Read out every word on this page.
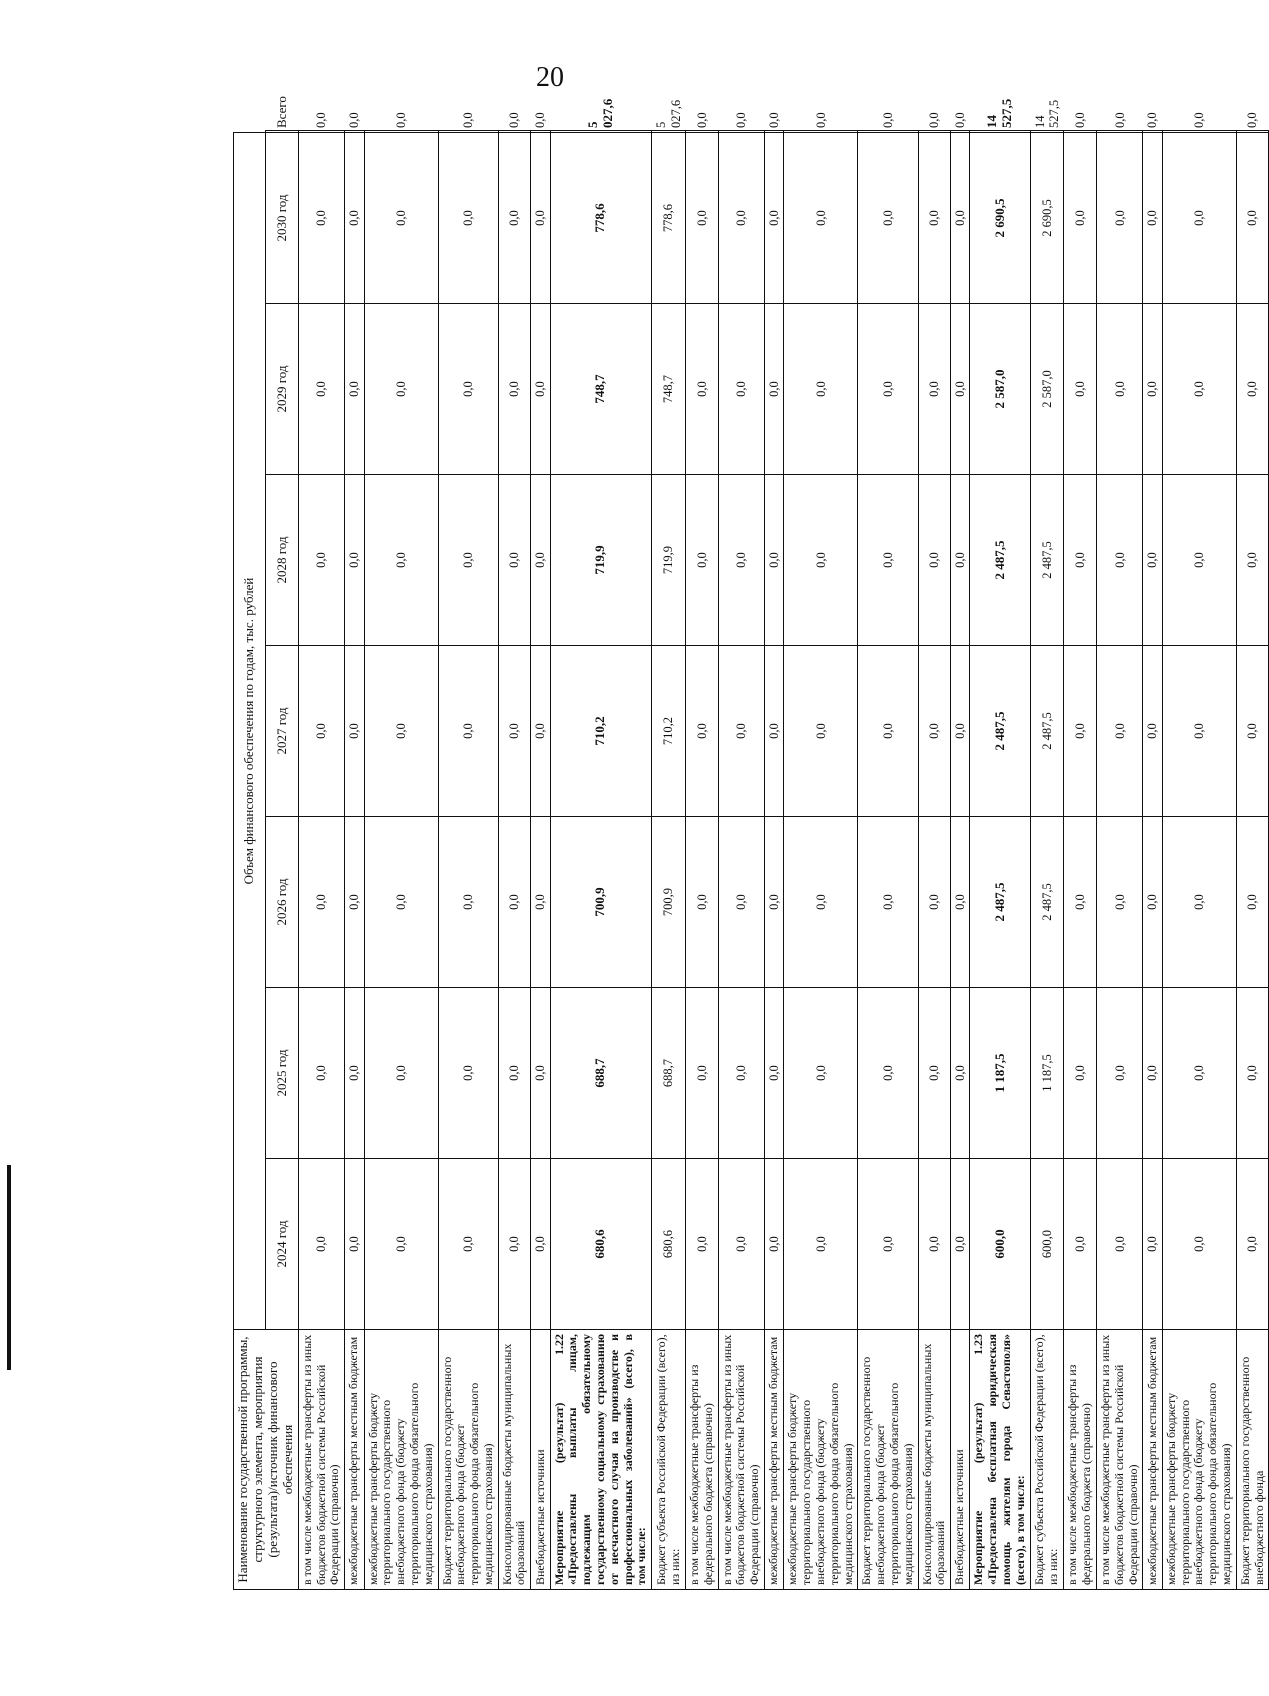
20
Наименование государственной программы, структурного элемента, мероприятия (результата)/источник финансового обеспечения	Объем финансового обеспечения по годам, тыс. рублей							
	2024 год	2025 год	2026 год	2027 год	2028 год	2029 год	2030 год	Всего
в том числе межбюджетные трансферты из иных бюджетов бюджетной системы Российской Федерации (справочно)	0,0	0,0	0,0	0,0	0,0	0,0	0,0	0,0
межбюджетные трансферты местным бюджетам	0,0	0,0	0,0	0,0	0,0	0,0	0,0	0,0
межбюджетные трансферты бюджету территориального государственного внебюджетного фонда (бюджету территориального фонда обязательного медицинского страхования)	0,0	0,0	0,0	0,0	0,0	0,0	0,0	0,0
Бюджет территориального государственного внебюджетного фонда (бюджет территориального фонда обязательного медицинского страхования)	0,0	0,0	0,0	0,0	0,0	0,0	0,0	0,0
Консолидированные бюджеты муниципальных образований	0,0	0,0	0,0	0,0	0,0	0,0	0,0	0,0
Внебюджетные источники	0,0	0,0	0,0	0,0	0,0	0,0	0,0	0,0
Мероприятие (результат) 1.22 «Предоставлены выплаты лицам, подлежащим обязательному государственному социальному страхованию от несчастного случая на производстве и профессиональных заболеваний» (всего), в том числе:	680,6	688,7	700,9	710,2	719,9	748,7	778,6	5 027,6
Бюджет субъекта Российской Федерации (всего), из них:	680,6	688,7	700,9	710,2	719,9	748,7	778,6	5 027,6
в том числе межбюджетные трансферты из федерального бюджета (справочно)	0,0	0,0	0,0	0,0	0,0	0,0	0,0	0,0
в том числе межбюджетные трансферты из иных бюджетов бюджетной системы Российской Федерации (справочно)	0,0	0,0	0,0	0,0	0,0	0,0	0,0	0,0
межбюджетные трансферты местным бюджетам	0,0	0,0	0,0	0,0	0,0	0,0	0,0	0,0
межбюджетные трансферты бюджету территориального государственного внебюджетного фонда (бюджету территориального фонда обязательного медицинского страхования)	0,0	0,0	0,0	0,0	0,0	0,0	0,0	0,0
Бюджет территориального государственного внебюджетного фонда (бюджет территориального фонда обязательного медицинского страхования)	0,0	0,0	0,0	0,0	0,0	0,0	0,0	0,0
Консолидированные бюджеты муниципальных образований	0,0	0,0	0,0	0,0	0,0	0,0	0,0	0,0
Внебюджетные источники	0,0	0,0	0,0	0,0	0,0	0,0	0,0	0,0
Мероприятие (результат) 1.23 «Предоставлена бесплатная юридическая помощь жителям города Севастополя» (всего), в том числе:	600,0	1 187,5	2 487,5	2 487,5	2 487,5	2 587,0	2 690,5	14 527,5
Бюджет субъекта Российской Федерации (всего), из них:	600,0	1 187,5	2 487,5	2 487,5	2 487,5	2 587,0	2 690,5	14 527,5
в том числе межбюджетные трансферты из федерального бюджета (справочно)	0,0	0,0	0,0	0,0	0,0	0,0	0,0	0,0
в том числе межбюджетные трансферты из иных бюджетов бюджетной системы Российской Федерации (справочно)	0,0	0,0	0,0	0,0	0,0	0,0	0,0	0,0
межбюджетные трансферты местным бюджетам	0,0	0,0	0,0	0,0	0,0	0,0	0,0	0,0
межбюджетные трансферты бюджету территориального государственного внебюджетного фонда (бюджету территориального фонда обязательного медицинского страхования)	0,0	0,0	0,0	0,0	0,0	0,0	0,0	0,0
Бюджет территориального государственного внебюджетного фонда	0,0	0,0	0,0	0,0	0,0	0,0	0,0	0,0
